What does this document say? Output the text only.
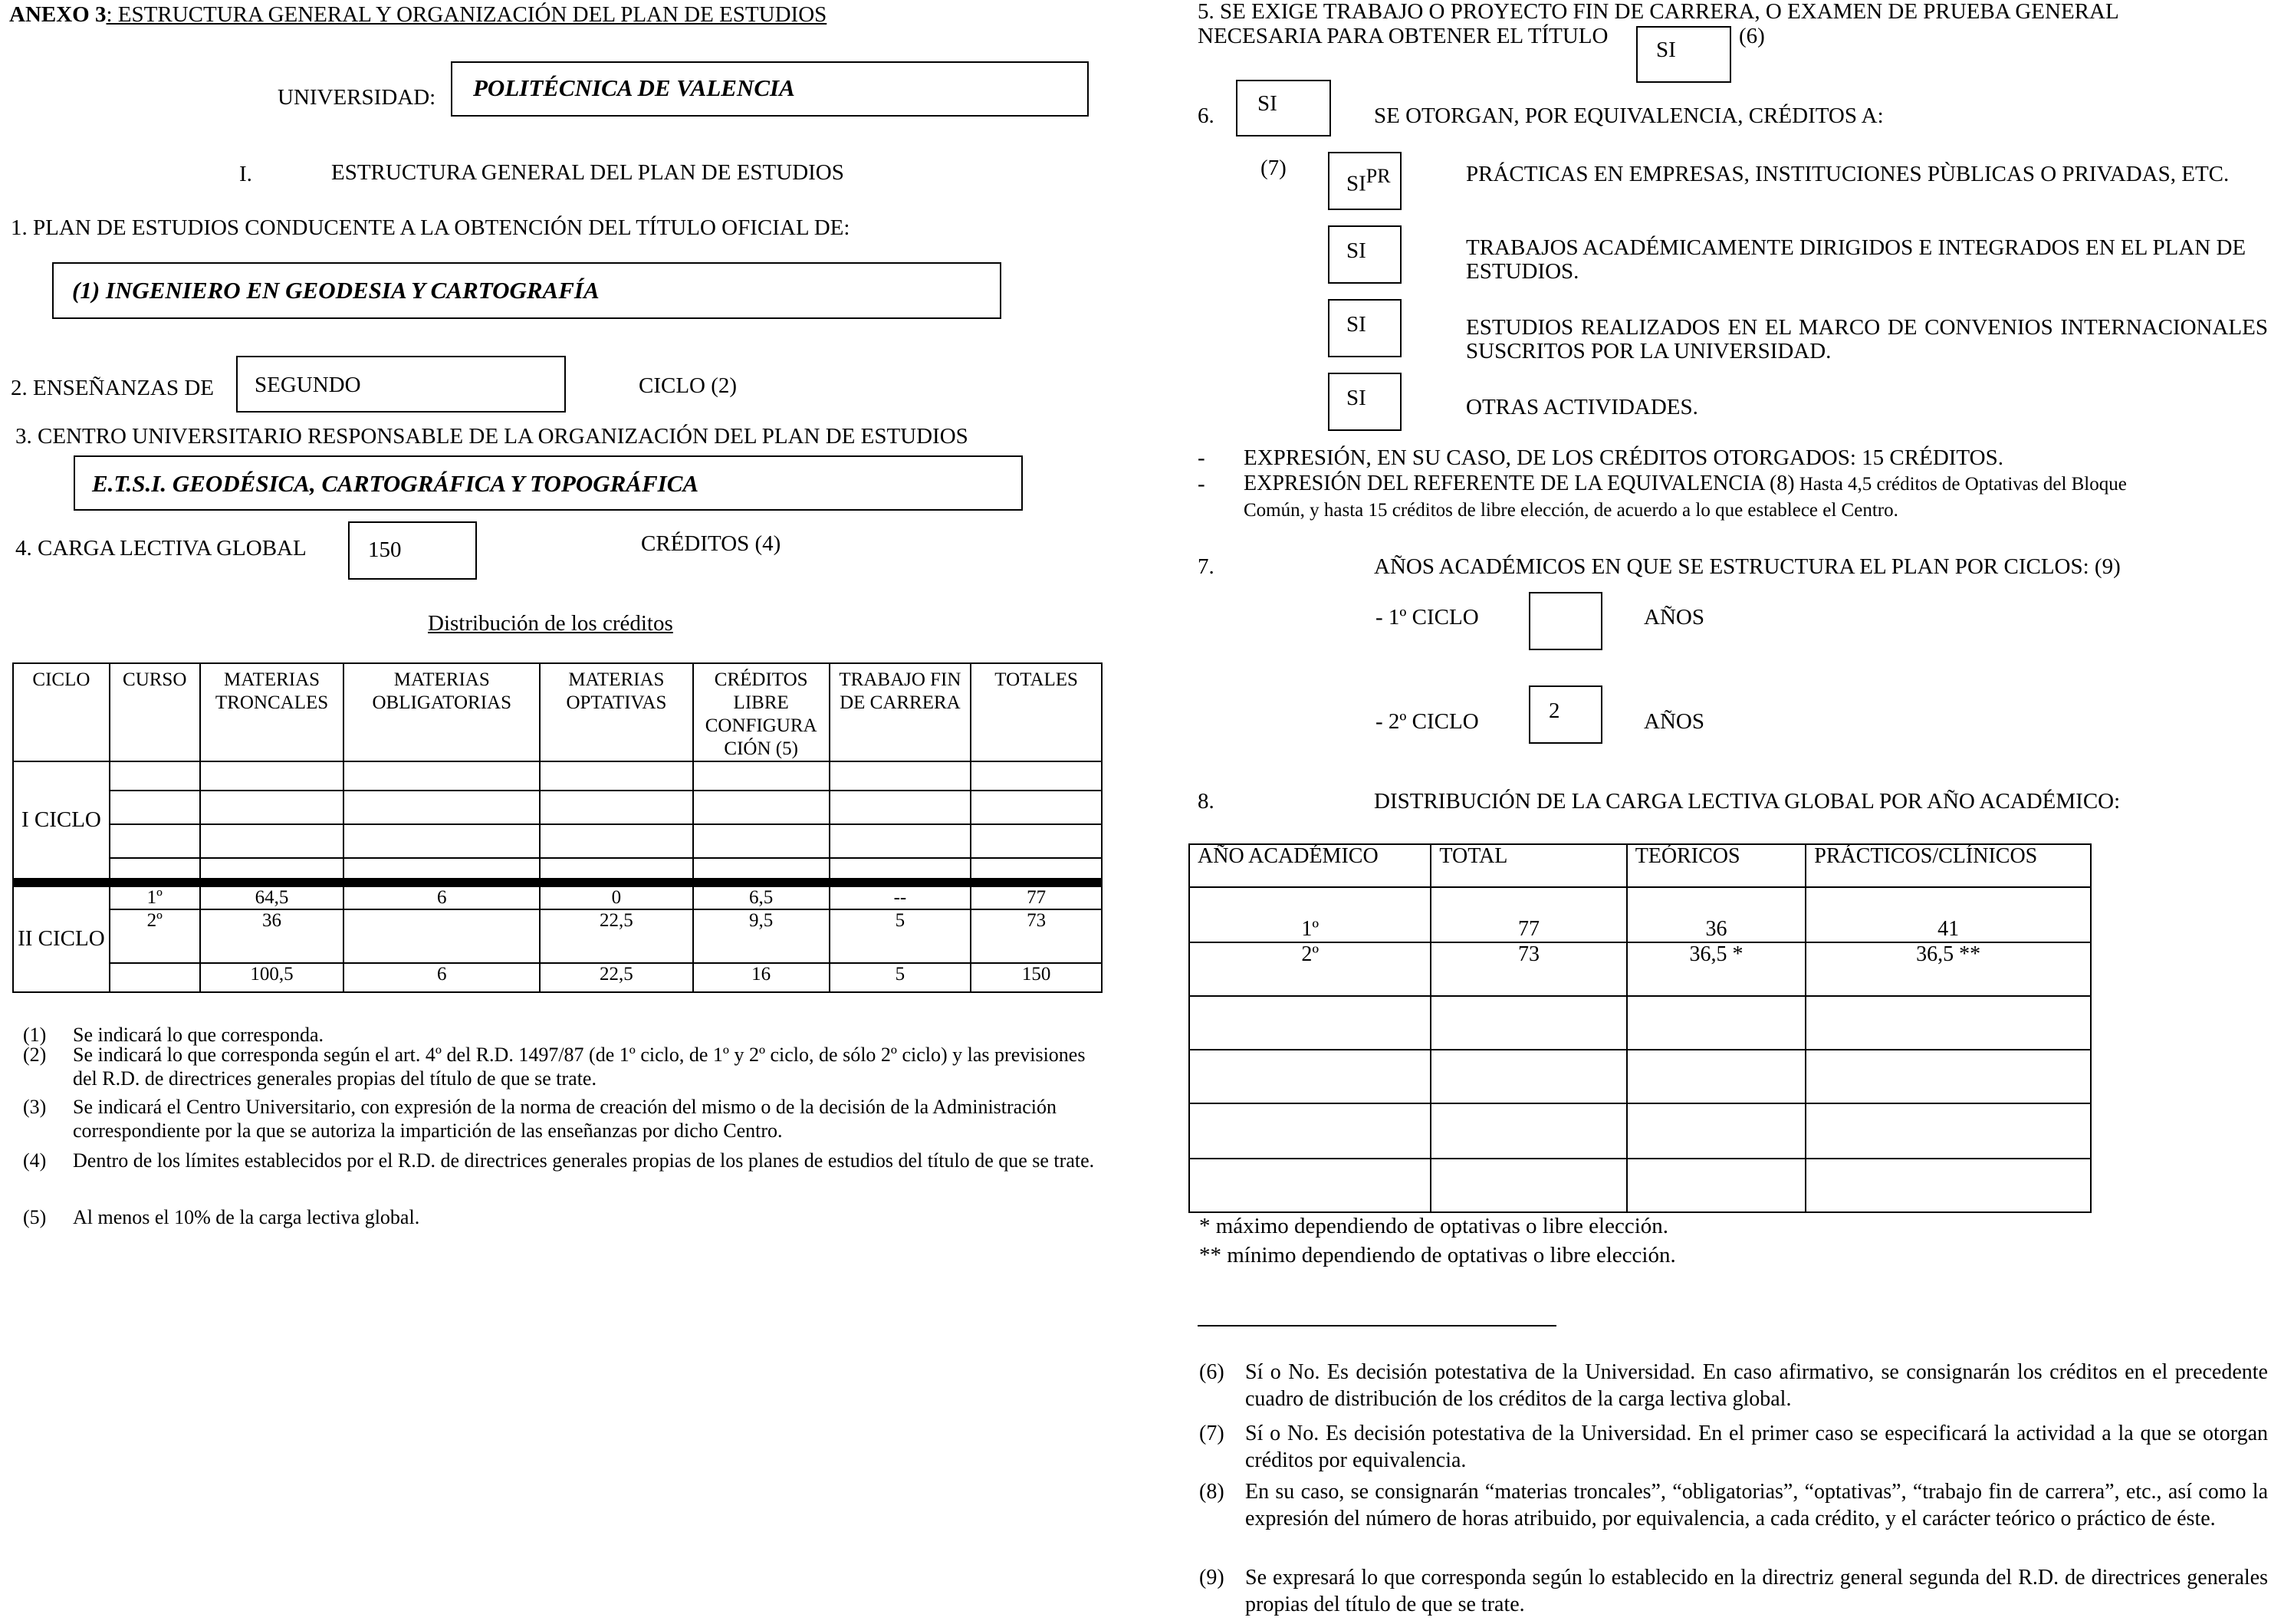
ANEXO 3: ESTRUCTURA GENERAL Y ORGANIZACIÓN DEL PLAN DE ESTUDIOS
UNIVERSIDAD: POLITÉCNICA DE VALENCIA
I.	ESTRUCTURA GENERAL DEL PLAN DE ESTUDIOS
1. PLAN DE ESTUDIOS CONDUCENTE A LA OBTENCIÓN DEL TÍTULO OFICIAL DE:
(1) INGENIERO EN GEODESIA Y CARTOGRAFÍA
2. ENSEÑANZAS DE SEGUNDO	CICLO (2)
3. CENTRO UNIVERSITARIO RESPONSABLE DE LA ORGANIZACIÓN DEL PLAN DE ESTUDIOS
E.T.S.I. GEODÉSICA, CARTOGRÁFICA Y TOPOGRÁFICA
4. CARGA LECTIVA GLOBAL	150	CRÉDITOS (4)
Distribución de los créditos
CICLO	CURSO	MATERIAS TRONCALES	MATERIAS OBLIGATORIAS	MATERIAS OPTATIVAS	CRÉDITOS LIBRE CONFIGURA CIÓN (5)	TRABAJO FIN DE CARRERA	TOTALES
I CICLO							

II CICLO	1º	64,5	6	0	6,5	--	77
	2º	36		22,5	9,5	5	73
		100,5	6	22,5	16	5	150
(1) Se indicará lo que corresponda.
(2) Se indicará lo que corresponda según el art. 4º del R.D. 1497/87 (de 1º ciclo, de 1º y 2º ciclo, de sólo 2º ciclo) y las previsiones del R.D. de directrices generales propias del título de que se trate.
(3) Se indicará el Centro Universitario, con expresión de la norma de creación del mismo o de la decisión de la Administración correspondiente por la que se autoriza la impartición de las enseñanzas por dicho Centro.
(4) Dentro de los límites establecidos por el R.D. de directrices generales propias de los planes de estudios del título de que se trate.
(5) Al menos el 10% de la carga lectiva global.
5. SE EXIGE TRABAJO O PROYECTO FIN DE CARRERA, O EXAMEN DE PRUEBA GENERAL
NECESARIA PARA OBTENER EL TÍTULO
SI
(6)
6. SI	SE OTORGAN, POR EQUIVALENCIA, CRÉDITOS A:
(7)
$SI^{PR}$	PRÁCTICAS EN EMPRESAS, INSTITUCIONES PÙBLICAS O PRIVADAS, ETC.
SI	TRABAJOS ACADÉMICAMENTE DIRIGIDOS E INTEGRADOS EN EL PLAN DE ESTUDIOS.
SI	ESTUDIOS REALIZADOS EN EL MARCO DE CONVENIOS INTERNACIONALES SUSCRITOS POR LA UNIVERSIDAD.
SI	OTRAS ACTIVIDADES.
- EXPRESIÓN, EN SU CASO, DE LOS CRÉDITOS OTORGADOS: 15 CRÉDITOS.
- EXPRESIÓN DEL REFERENTE DE LA EQUIVALENCIA (8) Hasta 4,5 créditos de Optativas del Bloque
Común, y hasta 15 créditos de libre elección, de acuerdo a lo que establece el Centro.
7.	AÑOS ACADÉMICOS EN QUE SE ESTRUCTURA EL PLAN POR CICLOS: (9)
- 1º CICLO	AÑOS
- 2º CICLO	2	AÑOS
8.	DISTRIBUCIÓN DE LA CARGA LECTIVA GLOBAL POR AÑO ACADÉMICO:
AÑO ACADÉMICO	TOTAL	TEÓRICOS	PRÁCTICOS/CLÍNICOS
1º	77	36	41
2º	73	36,5 *	36,5 **

* máximo dependiendo de optativas o libre elección.
** mínimo dependiendo de optativas o libre elección.
(6) Sí o No. Es decisión potestativa de la Universidad. En caso afirmativo, se consignarán los créditos en el precedente cuadro de distribución de los créditos de la carga lectiva global.
(7) Sí o No. Es decisión potestativa de la Universidad. En el primer caso se especificará la actividad a la que se otorgan créditos por equivalencia.
(8) En su caso, se consignarán “materias troncales”, “obligatorias”, “optativas”, “trabajo fin de carrera”, etc., así como la expresión del número de horas atribuido, por equivalencia, a cada crédito, y el carácter teórico o práctico de éste.
(9) Se expresará lo que corresponda según lo establecido en la directriz general segunda del R.D. de directrices generales propias del título de que se trate.
